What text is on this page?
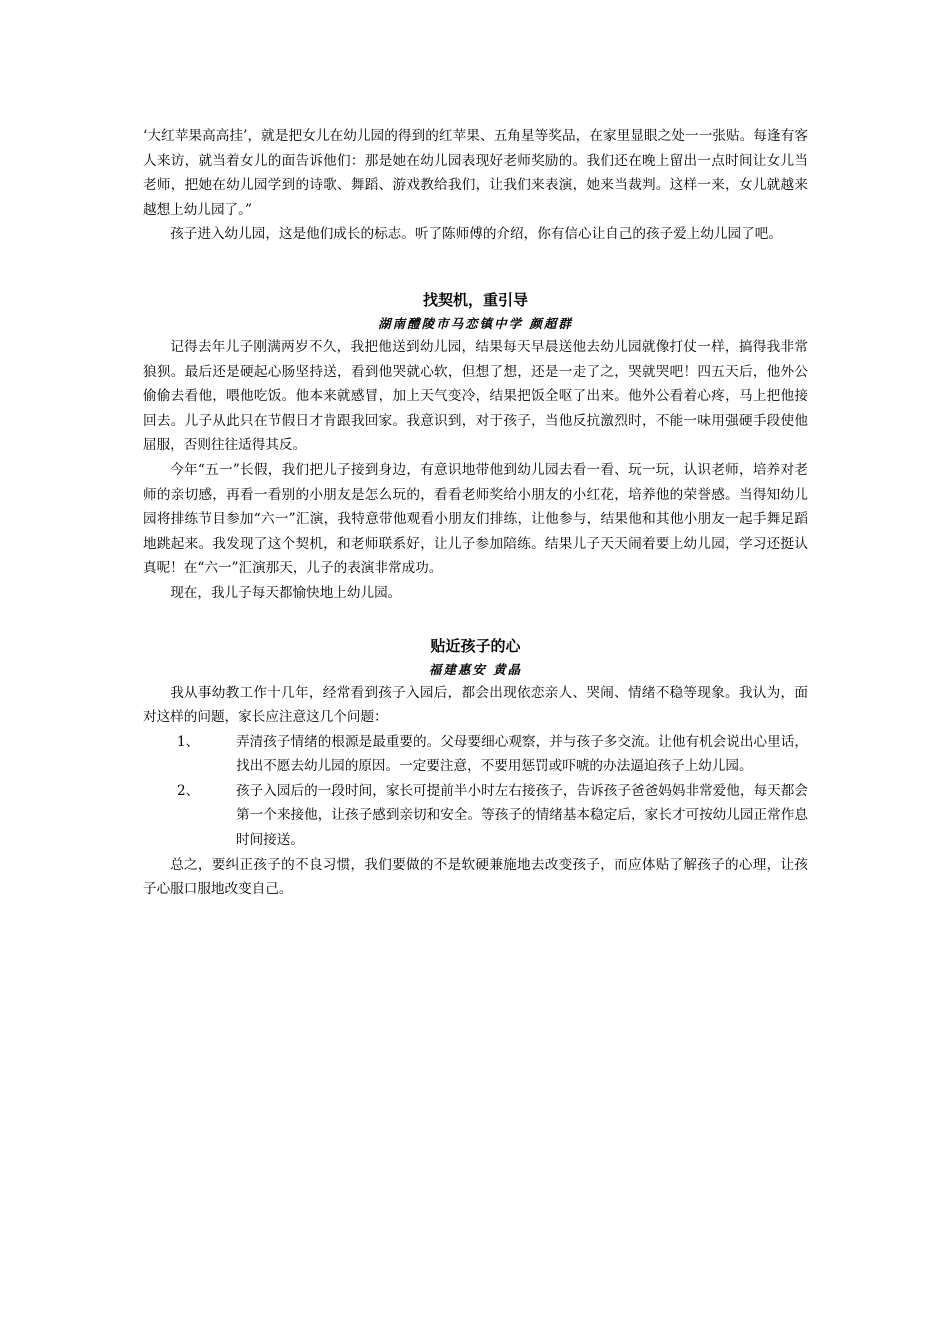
‘大红苹果高高挂’，就是把女儿在幼儿园的得到的红苹果、五角星等奖品，在家里显眼之处一一张贴。每逢有客人来访，就当着女儿的面告诉他们：那是她在幼儿园表现好老师奖励的。我们还在晚上留出一点时间让女儿当老师，把她在幼儿园学到的诗歌、舞蹈、游戏教给我们，让我们来表演，她来当裁判。这样一来，女儿就越来越想上幼儿园了。”

孩子进入幼儿园，这是他们成长的标志。听了陈师傅的介绍，你有信心让自己的孩子爱上幼儿园了吧。

找契机，重引导
湖南醴陵市马恋镇中学 颜超群

记得去年儿子刚满两岁不久，我把他送到幼儿园，结果每天早晨送他去幼儿园就像打仗一样，搞得我非常狼狈。最后还是硬起心肠坚持送，看到他哭就心软，但想了想，还是一走了之，哭就哭吧！四五天后，他外公偷偷去看他，喂他吃饭。他本来就感冒，加上天气变冷，结果把饭全呕了出来。他外公看着心疼，马上把他接回去。儿子从此只在节假日才肯跟我回家。我意识到，对于孩子，当他反抗激烈时，不能一味用强硬手段使他屈服，否则往往适得其反。

今年“五一”长假，我们把儿子接到身边，有意识地带他到幼儿园去看一看、玩一玩，认识老师，培养对老师的亲切感，再看一看别的小朋友是怎么玩的，看看老师奖给小朋友的小红花，培养他的荣誉感。当得知幼儿园将排练节目参加“六一”汇演，我特意带他观看小朋友们排练，让他参与，结果他和其他小朋友一起手舞足蹈地跳起来。我发现了这个契机，和老师联系好，让儿子参加陪练。结果儿子天天闹着要上幼儿园，学习还挺认真呢！在“六一”汇演那天，儿子的表演非常成功。

现在，我儿子每天都愉快地上幼儿园。

贴近孩子的心
福建惠安 黄晶

我从事幼教工作十几年，经常看到孩子入园后，都会出现依恋亲人、哭闹、情绪不稳等现象。我认为，面对这样的问题，家长应注意这几个问题：

1、	弄清孩子情绪的根源是最重要的。父母要细心观察，并与孩子多交流。让他有机会说出心里话，找出不愿去幼儿园的原因。一定要注意，不要用惩罚或吓唬的办法逼迫孩子上幼儿园。
2、	孩子入园后的一段时间，家长可提前半小时左右接孩子，告诉孩子爸爸妈妈非常爱他，每天都会第一个来接他，让孩子感到亲切和安全。等孩子的情绪基本稳定后，家长才可按幼儿园正常作息时间接送。

总之，要纠正孩子的不良习惯，我们要做的不是软硬兼施地去改变孩子，而应体贴了解孩子的心理，让孩子心服口服地改变自己。
